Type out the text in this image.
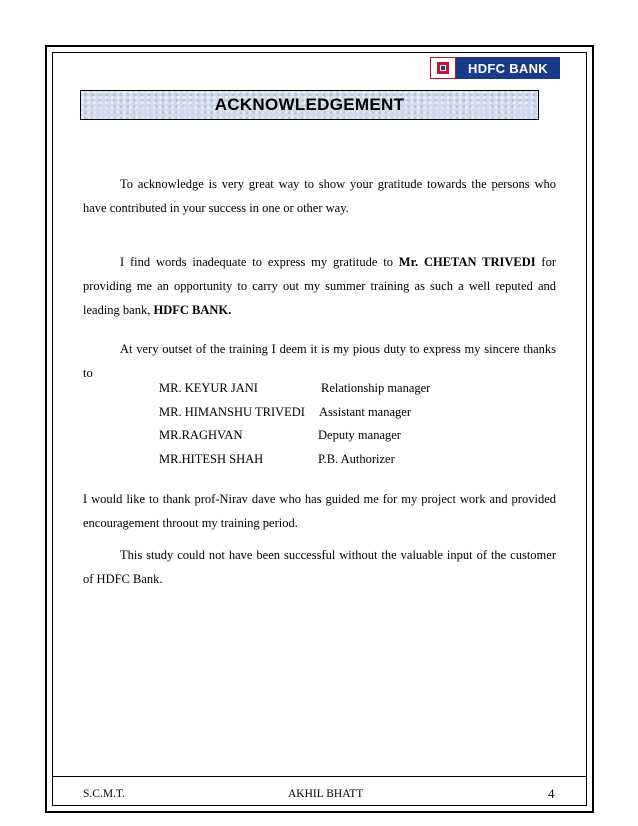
HDFC BANK
ACKNOWLEDGEMENT

To acknowledge is very great way to show your gratitude towards the persons who have contributed in your success in one or other way.

I find words inadequate to express my gratitude to Mr. CHETAN TRIVEDI for providing me an opportunity to carry out my summer training as such a well reputed and leading bank, HDFC BANK.

At very outset of the training I deem it is my pious duty to express my sincere thanks to

MR. KEYUR JANI	Relationship manager
MR. HIMANSHU TRIVEDI Assistant manager
MR.RAGHVAN	Deputy manager
MR.HITESH SHAH	P.B. Authorizer

I would like to thank prof-Nirav dave who has guided me for my project work and provided encouragement throout my training period.

This study could not have been successful without the valuable input of the customer of HDFC Bank.

S.C.M.T.	AKHIL BHATT	4
